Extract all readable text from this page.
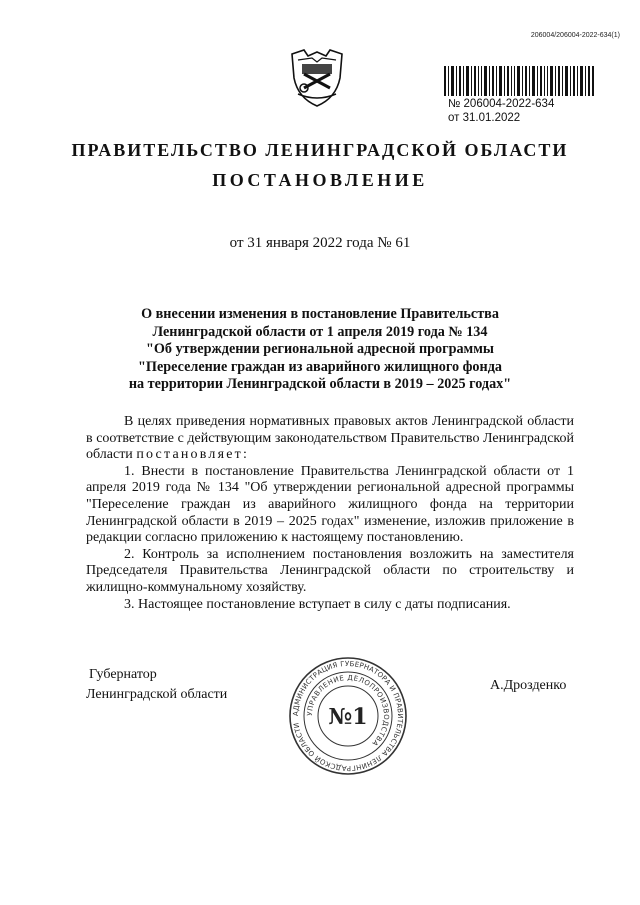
206004/206004-2022-634(1)
№ 206004-2022-634
от 31.01.2022
ПРАВИТЕЛЬСТВО ЛЕНИНГРАДСКОЙ ОБЛАСТИ
ПОСТАНОВЛЕНИЕ
от 31 января 2022 года № 61
О внесении изменения в постановление Правительства
Ленинградской области от 1 апреля 2019 года № 134
"Об утверждении региональной адресной программы
"Переселение граждан из аварийного жилищного фонда
на территории Ленинградской области в 2019 – 2025 годах"

В целях приведения нормативных правовых актов Ленинградской области в соответствие с действующим законодательством Правительство Ленинградской области постановляет:

1. Внести в постановление Правительства Ленинградской области от 1 апреля 2019 года № 134 "Об утверждении региональной адресной программы "Переселение граждан из аварийного жилищного фонда на территории Ленинградской области в 2019 – 2025 годах" изменение, изложив приложение в редакции согласно приложению к настоящему постановлению.

2. Контроль за исполнением постановления возложить на заместителя Председателя Правительства Ленинградской области по строительству и жилищно-коммунальному хозяйству.

3. Настоящее постановление вступает в силу с даты подписания.

Губернатор
Ленинградской области
АДМИНИСТРАЦИЯ ГУБЕРНАТОРА И ПРАВИТЕЛЬСТВА ЛЕНИНГРАДСКОЙ ОБЛАСТИ
УПРАВЛЕНИЕ ДЕЛОПРОИЗВОДСТВА
№1
А.Дрозденко
